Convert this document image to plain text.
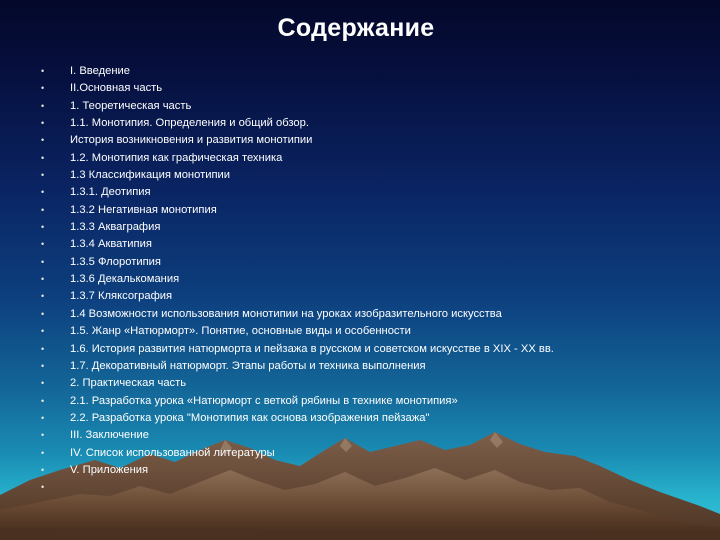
Содержание
•	I. Введение
•	II.Основная часть
•	1. Теоретическая часть
•	1.1. Монотипия. Определения и общий обзор.
•	История возникновения и развития монотипии
•	1.2. Монотипия как графическая техника
•	1.3 Классификация монотипии
•	1.3.1. Деотипия
•	1.3.2 Негативная монотипия
•	1.3.3 Акваграфия
•	1.3.4 Акватипия
•	1.3.5 Флоротипия
•	1.3.6 Декалькомания
•	1.3.7 Кляксография
•	1.4 Возможности использования монотипии на уроках изобразительного искусства
•	1.5. Жанр «Натюрморт». Понятие, основные виды и особенности
•	1.6. История развития натюрморта и пейзажа в русском и советском искусстве в XIX - XX вв.
•	1.7. Декоративный натюрморт. Этапы работы и техника выполнения
•	2. Практическая часть
•	2.1. Разработка урока «Натюрморт с веткой рябины в технике монотипия»
•	2.2. Разработка урока "Монотипия как основа изображения пейзажа"
•	III. Заключение
•	IV. Список использованной литературы
•	V. Приложения
•
